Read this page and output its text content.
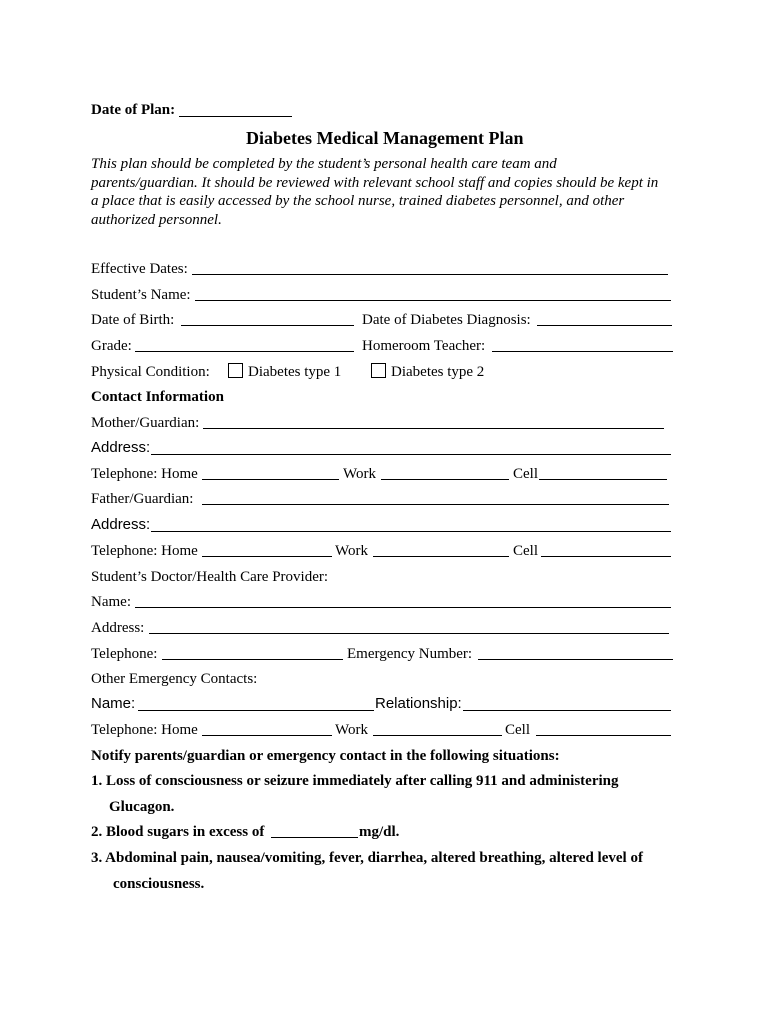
Date of Plan:
Diabetes Medical Management Plan
This plan should be completed by the student’s personal health care team and
parents/guardian. It should be reviewed with relevant school staff and copies should be kept in
a place that is easily accessed by the school nurse, trained diabetes personnel, and other
authorized personnel.
Effective Dates:
Student’s Name:
Date of Birth:	Date of Diabetes Diagnosis:
Grade:	Homeroom Teacher:
Physical Condition:	Diabetes type 1	Diabetes type 2
Contact Information
Mother/Guardian:
Address:
Telephone: Home	Work	Cell
Father/Guardian:
Address:
Telephone: Home	Work	Cell
Student’s Doctor/Health Care Provider:
Name:
Address:
Telephone:	Emergency Number:
Other Emergency Contacts:
Name:	Relationship:
Telephone: Home	Work	Cell
Notify parents/guardian or emergency contact in the following situations:
1. Loss of consciousness or seizure immediately after calling 911 and administering
Glucagon.
2. Blood sugars in excess of	mg/dl.
3. Abdominal pain, nausea/vomiting, fever, diarrhea, altered breathing, altered level of
consciousness.
